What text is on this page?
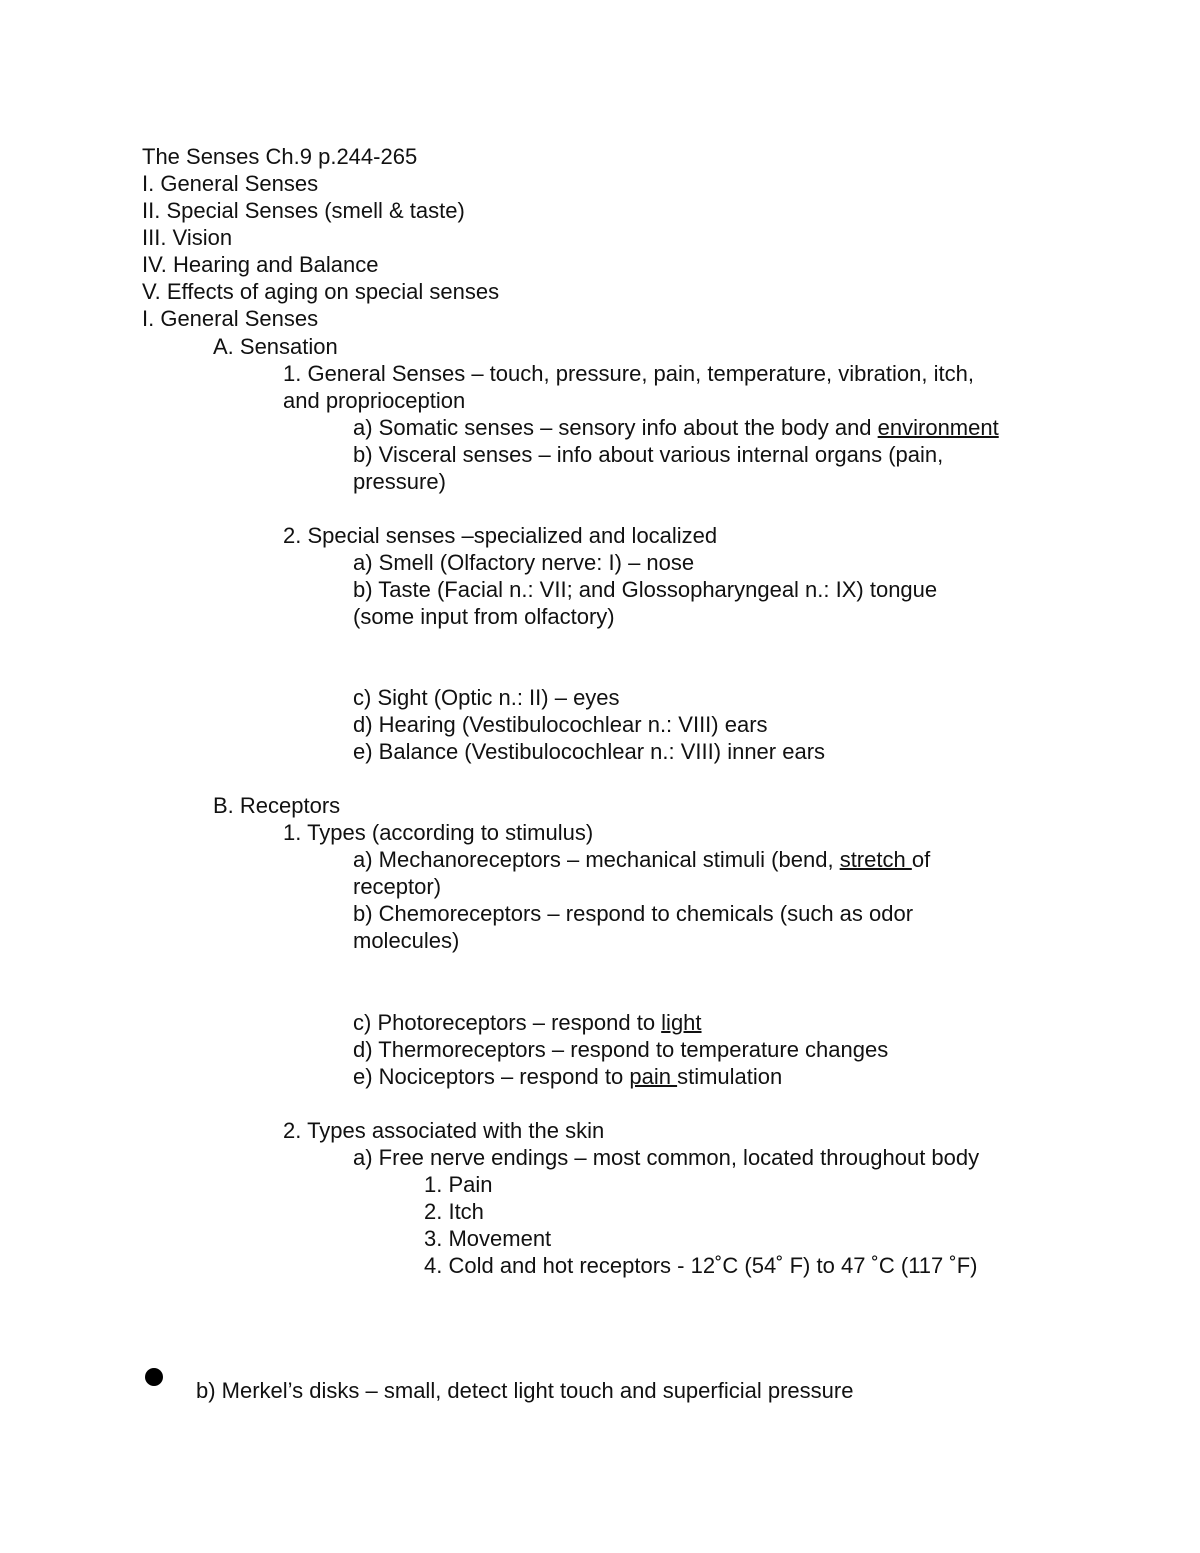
The Senses Ch.9 p.244-265
I. General Senses
II. Special Senses (smell & taste)
III. Vision
IV. Hearing and Balance
V. Effects of aging on special senses
I. General Senses
A. Sensation
1. General Senses – touch, pressure, pain, temperature, vibration, itch,
and proprioception
a) Somatic senses – sensory info about the body and environment
b) Visceral senses – info about various internal organs (pain,
pressure)
2. Special senses –specialized and localized
a) Smell (Olfactory nerve: I) – nose
b) Taste (Facial n.: VII; and Glossopharyngeal n.: IX) tongue
(some input from olfactory)
c) Sight (Optic n.: II) – eyes
d) Hearing (Vestibulocochlear n.: VIII) ears
e) Balance (Vestibulocochlear n.: VIII) inner ears
B. Receptors
1. Types (according to stimulus)
a) Mechanoreceptors – mechanical stimuli (bend, stretch of
receptor)
b) Chemoreceptors – respond to chemicals (such as odor
molecules)
c) Photoreceptors – respond to light
d) Thermoreceptors – respond to temperature changes
e) Nociceptors – respond to pain stimulation
2. Types associated with the skin
a) Free nerve endings – most common, located throughout body
1. Pain
2. Itch
3. Movement
4. Cold and hot receptors - 12˚C (54˚ F) to 47 ˚C (117 ˚F)
b) Merkel’s disks – small, detect light touch and superficial pressure
